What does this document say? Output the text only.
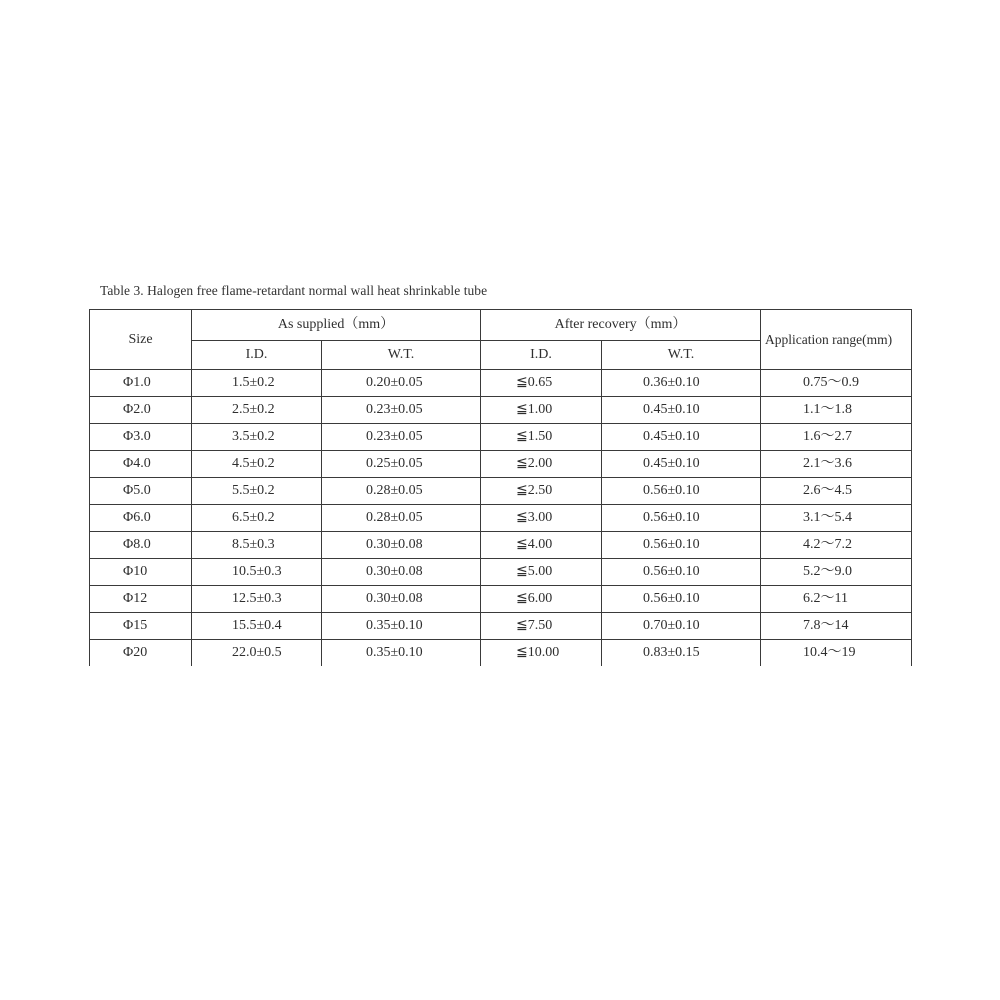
Table 3. Halogen free flame-retardant normal wall heat shrinkable tube
Size	As supplied（mm）		After recovery（mm）		Application range(mm)
	I.D.	W.T.	I.D.	W.T.	
Φ1.0	1.5±0.2	0.20±0.05	≦0.65	0.36±0.10	0.75～0.9
Φ2.0	2.5±0.2	0.23±0.05	≦1.00	0.45±0.10	1.1～1.8
Φ3.0	3.5±0.2	0.23±0.05	≦1.50	0.45±0.10	1.6～2.7
Φ4.0	4.5±0.2	0.25±0.05	≦2.00	0.45±0.10	2.1～3.6
Φ5.0	5.5±0.2	0.28±0.05	≦2.50	0.56±0.10	2.6～4.5
Φ6.0	6.5±0.2	0.28±0.05	≦3.00	0.56±0.10	3.1～5.4
Φ8.0	8.5±0.3	0.30±0.08	≦4.00	0.56±0.10	4.2～7.2
Φ10	10.5±0.3	0.30±0.08	≦5.00	0.56±0.10	5.2～9.0
Φ12	12.5±0.3	0.30±0.08	≦6.00	0.56±0.10	6.2～11
Φ15	15.5±0.4	0.35±0.10	≦7.50	0.70±0.10	7.8～14
Φ20	22.0±0.5	0.35±0.10	≦10.00	0.83±0.15	10.4～19
